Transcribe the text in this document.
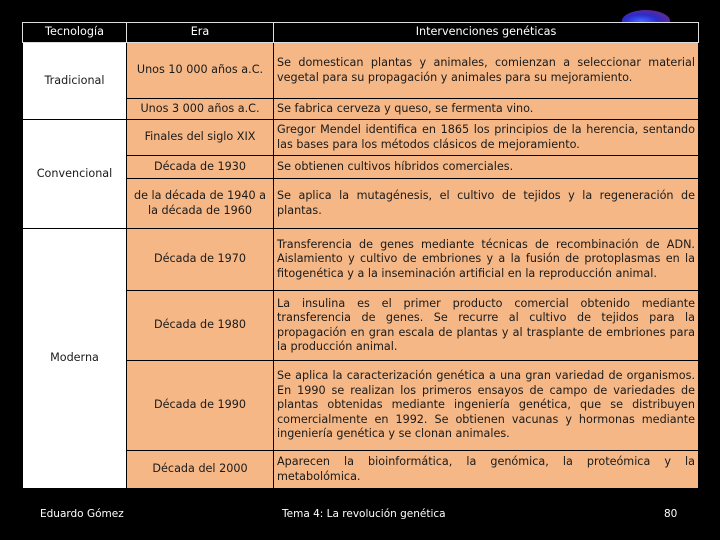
Tecnología	Era	Intervenciones genéticas
Tradicional	Unos 10 000 años a.C.	Se domestican plantas y animales, comienzan a seleccionar material vegetal para su propagación y animales para su mejoramiento.
	Unos 3 000 años a.C.	Se fabrica cerveza y queso, se fermenta vino.
Convencional	Finales del siglo XIX	Gregor Mendel identifica en 1865 los principios de la herencia, sentando las bases para los métodos clásicos de mejoramiento.
	Década de 1930	Se obtienen cultivos híbridos comerciales.
	de la década de 1940 a la década de 1960	Se aplica la mutagénesis, el cultivo de tejidos y la regeneración de plantas.
Moderna	Década de 1970	Transferencia de genes mediante técnicas de recombinación de ADN. Aislamiento y cultivo de embriones y a la fusión de protoplasmas en la fitogenética y a la inseminación artificial en la reproducción animal.
	Década de 1980	La insulina es el primer producto comercial obtenido mediante transferencia de genes. Se recurre al cultivo de tejidos para la propagación en gran escala de plantas y al trasplante de embriones para la producción animal.
	Década de 1990	Se aplica la caracterización genética a una gran variedad de organismos. En 1990 se realizan los primeros ensayos de campo de variedades de plantas obtenidas mediante ingeniería genética, que se distribuyen comercialmente en 1992. Se obtienen vacunas y hormonas mediante ingeniería genética y se clonan animales.
	Década del 2000	Aparecen la bioinformática, la genómica, la proteómica y la metabolómica.
Eduardo Gómez	Tema 4: La revolución genética	80
